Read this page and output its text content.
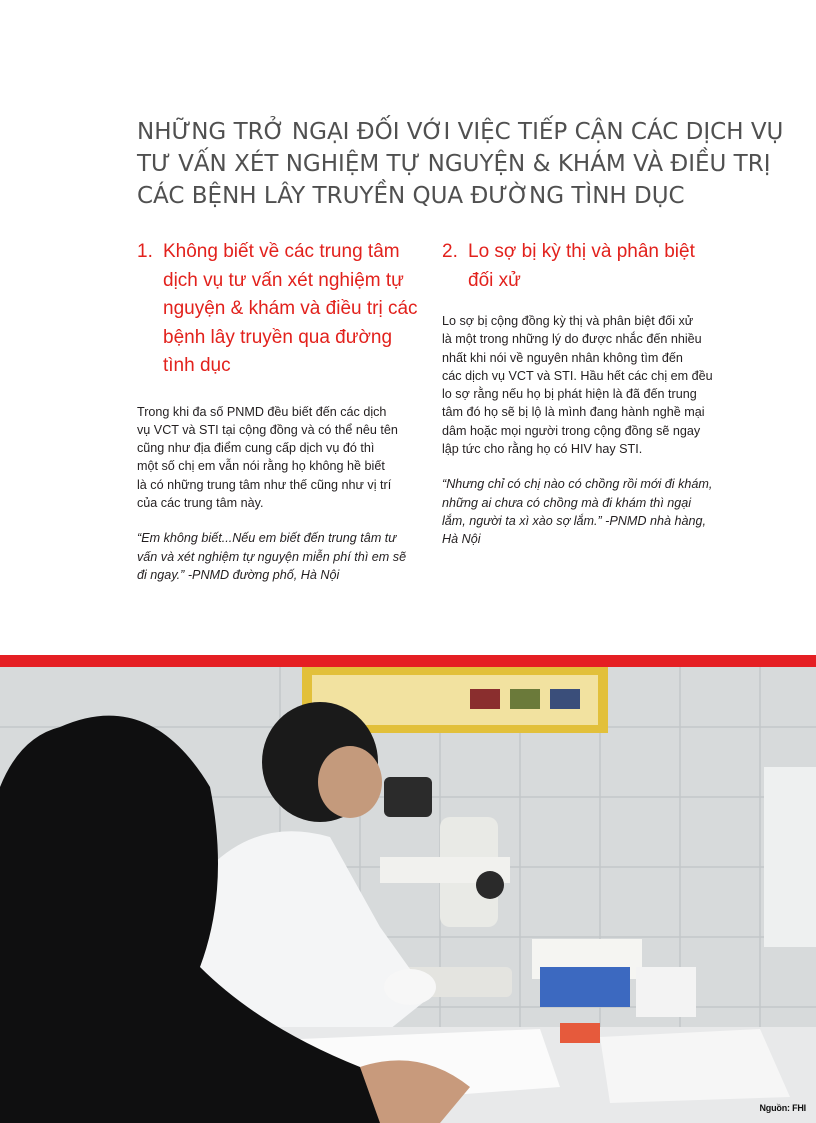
NHỮNG TRỞ NGẠI ĐỐI VỚI VIỆC TIẾP CẬN CÁC DỊCH VỤ
TƯ VẤN XÉT NGHIỆM TỰ NGUYỆN & KHÁM VÀ ĐIỀU TRỊ
CÁC BỆNH LÂY TRUYỀN QUA ĐƯỜNG TÌNH DỤC
1. Không biết về các trung tâm
dịch vụ tư vấn xét nghiệm tự
nguyện & khám và điều trị các
bệnh lây truyền qua đường
tình dục

Trong khi đa số PNMD đều biết đến các dịch
vụ VCT và STI tại cộng đồng và có thể nêu tên
cũng như địa điểm cung cấp dịch vụ đó thì
một số chị em vẫn nói rằng họ không hề biết
là có những trung tâm như thế cũng như vị trí
của các trung tâm này.

“Em không biết...Nếu em biết đến trung tâm tư
vấn và xét nghiệm tự nguyện miễn phí thì em sẽ
đi ngay.” -PNMD đường phố, Hà Nội

2. Lo sợ bị kỳ thị và phân biệt
đối xử

Lo sợ bị cộng đồng kỳ thị và phân biệt đối xử
là một trong những lý do được nhắc đến nhiều
nhất khi nói về nguyên nhân không tìm đến
các dịch vụ VCT và STI. Hầu hết các chị em đều
lo sợ rằng nếu họ bị phát hiện là đã đến trung
tâm đó họ sẽ bị lộ là mình đang hành nghề mại
dâm hoặc mọi người trong cộng đồng sẽ ngay
lập tức cho rằng họ có HIV hay STI.

“Nhưng chỉ có chị nào có chồng rồi mới đi khám,
những ai chưa có chồng mà đi khám thì ngại
lắm, người ta xì xào sợ lắm.” -PNMD nhà hàng,
Hà Nội

Nguồn: FHI
